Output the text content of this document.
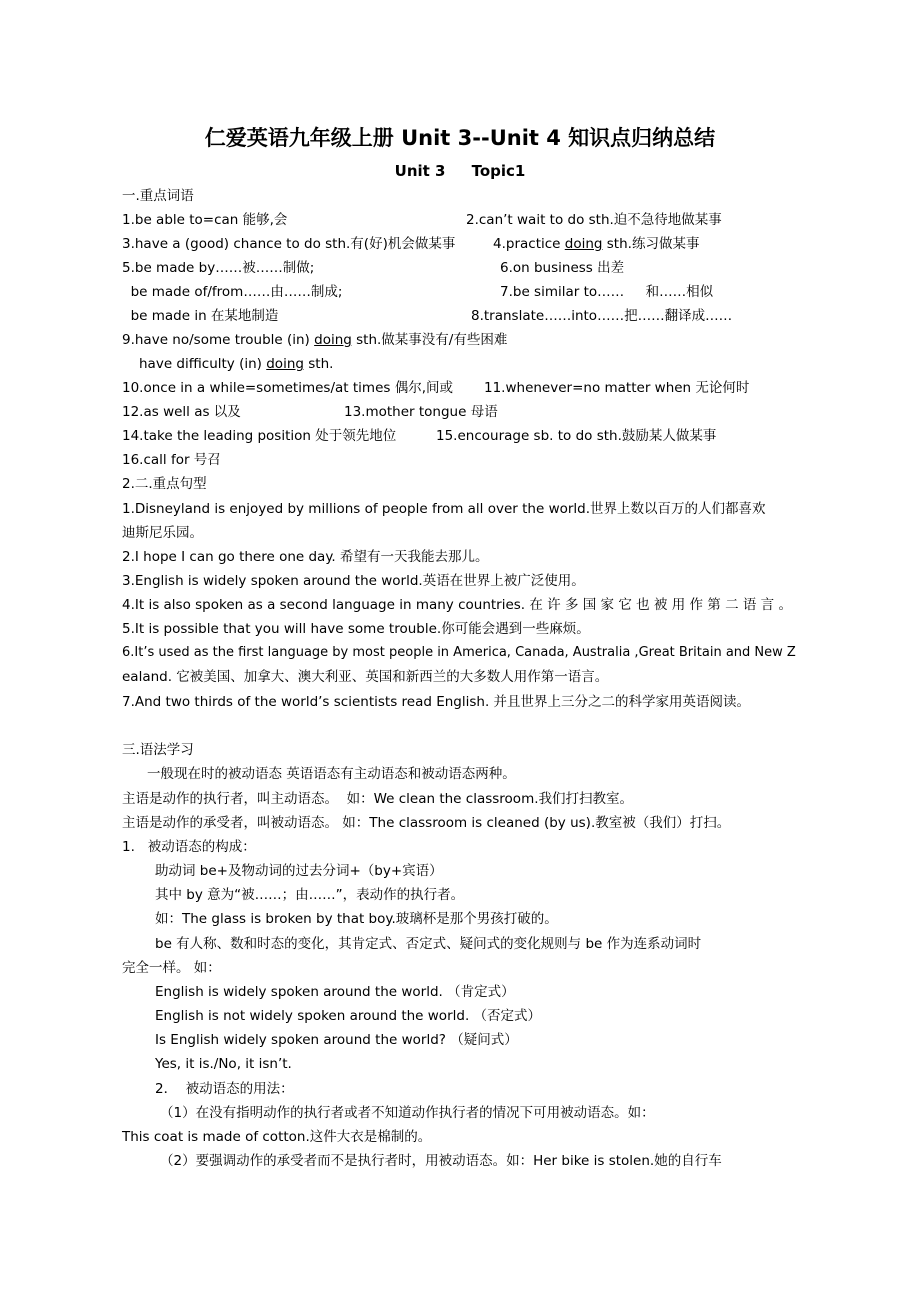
仁爱英语九年级上册 Unit 3--Unit 4 知识点归纳总结
Unit 3     Topic1
一.重点词语
1.be able to=can 能够,会	2.can’t wait to do sth.迫不急待地做某事
3.have a (good) chance to do sth.有(好)机会做某事	4.practice doing sth.练习做某事
5.be made by……被……制做;	6.on business 出差
be made of/from……由……制成;	7.be similar to……     和……相似
be made in 在某地制造	8.translate……into……把……翻译成……
9.have no/some trouble (in) doing sth.做某事没有/有些困难
have difficulty (in) doing sth.
10.once in a while=sometimes/at times 偶尔,间或 11.whenever=no matter when 无论何时
12.as well as 以及	13.mother tongue 母语
14.take the leading position 处于领先地位	15.encourage sb. to do sth.鼓励某人做某事
16.call for 号召
2.二.重点句型
1.Disneyland is enjoyed by millions of people from all over the world.世界上数以百万的人们都喜欢
迪斯尼乐园。
2.I hope I can go there one day. 希望有一天我能去那儿。
3.English is widely spoken around the world.英语在世界上被广泛使用。
4.It is also spoken as a second language in many countries. 在 许 多 国 家 它 也 被 用 作 第 二 语 言 。
5.It is possible that you will have some trouble.你可能会遇到一些麻烦。
6.It’s used as the first language by most people in America, Canada, Australia ,Great Britain and New Z
ealand. 它被美国、加拿大、澳大利亚、英国和新西兰的大多数人用作第一语言。
7.And two thirds of the world’s scientists read English. 并且世界上三分之二的科学家用英语阅读。
三.语法学习
一般现在时的被动语态 英语语态有主动语态和被动语态两种。
主语是动作的执行者，叫主动语态。  如：We clean the classroom.我们打扫教室。
主语是动作的承受者，叫被动语态。 如：The classroom is cleaned (by us).教室被（我们）打扫。
1.   被动语态的构成：
助动词 be+及物动词的过去分词+（by+宾语）
其中 by 意为“被……；由……”，表动作的执行者。
如：The glass is broken by that boy.玻璃杯是那个男孩打破的。
be 有人称、数和时态的变化，其肯定式、否定式、疑问式的变化规则与 be 作为连系动词时
完全一样。 如：
English is widely spoken around the world. （肯定式）
English is not widely spoken around the world. （否定式）
Is English widely spoken around the world? （疑问式）
Yes, it is./No, it isn’t.
2．  被动语态的用法：
（1）在没有指明动作的执行者或者不知道动作执行者的情况下可用被动语态。如：
This coat is made of cotton.这件大衣是棉制的。
（2）要强调动作的承受者而不是执行者时，用被动语态。如：Her bike is stolen.她的自行车
